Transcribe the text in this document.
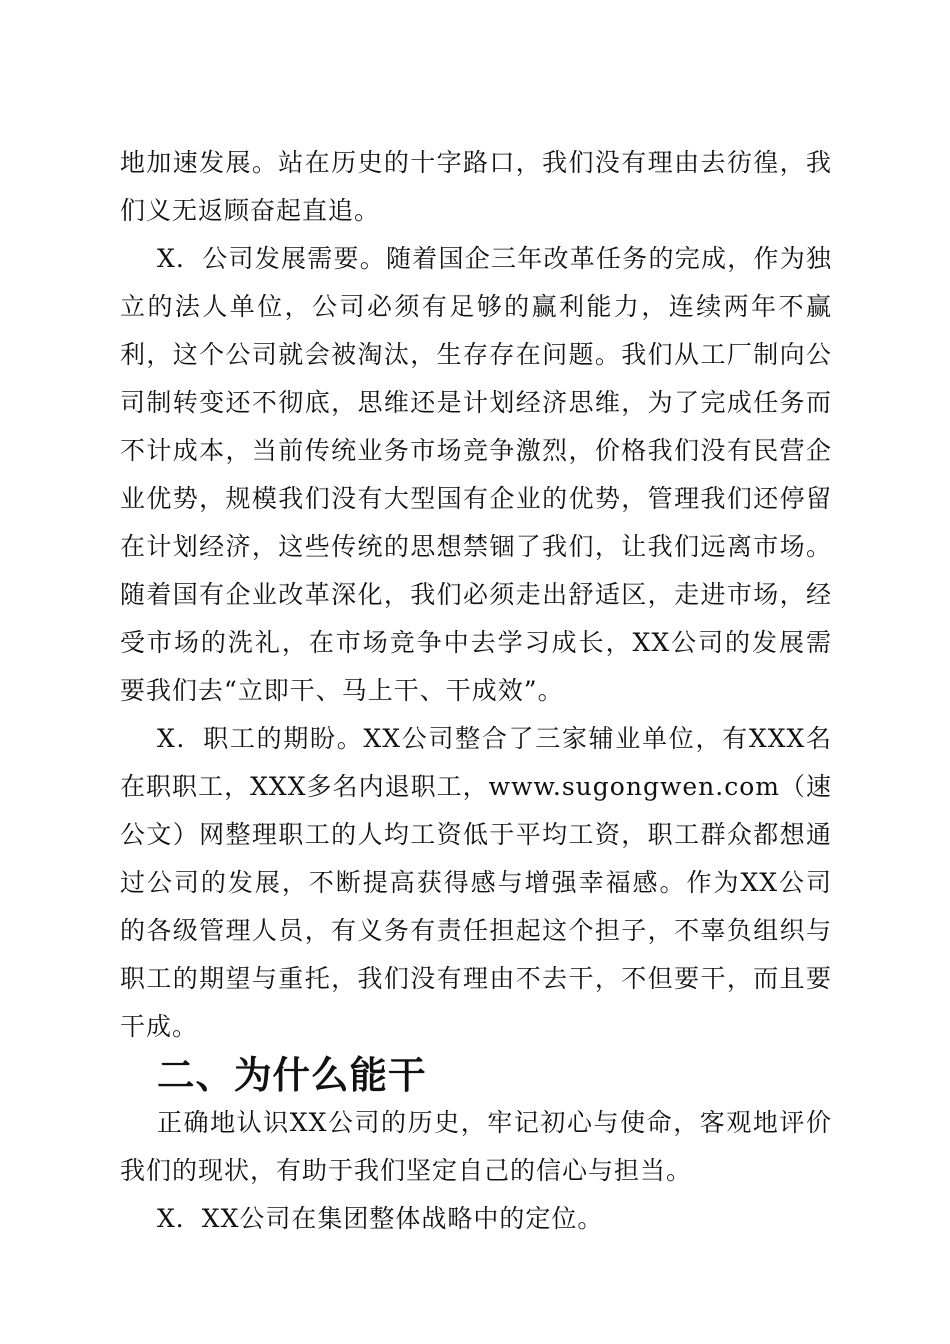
地加速发展。站在历史的十字路口，我们没有理由去彷徨，我们义无返顾奋起直追。

X．公司发展需要。随着国企三年改革任务的完成，作为独立的法人单位，公司必须有足够的赢利能力，连续两年不赢利，这个公司就会被淘汰，生存存在问题。我们从工厂制向公司制转变还不彻底，思维还是计划经济思维，为了完成任务而不计成本，当前传统业务市场竞争激烈，价格我们没有民营企业优势，规模我们没有大型国有企业的优势，管理我们还停留在计划经济，这些传统的思想禁锢了我们，让我们远离市场。随着国有企业改革深化，我们必须走出舒适区，走进市场，经受市场的洗礼，在市场竞争中去学习成长，XX公司的发展需要我们去“立即干、马上干、干成效”。

X．职工的期盼。XX公司整合了三家辅业单位，有XXX名在职职工，XXX多名内退职工，www.sugongwen.com（速公文）网整理职工的人均工资低于平均工资，职工群众都想通过公司的发展，不断提高获得感与增强幸福感。作为XX公司的各级管理人员，有义务有责任担起这个担子，不辜负组织与职工的期望与重托，我们没有理由不去干，不但要干，而且要干成。

二、为什么能干

正确地认识XX公司的历史，牢记初心与使命，客观地评价我们的现状，有助于我们坚定自己的信心与担当。

X．XX公司在集团整体战略中的定位。
